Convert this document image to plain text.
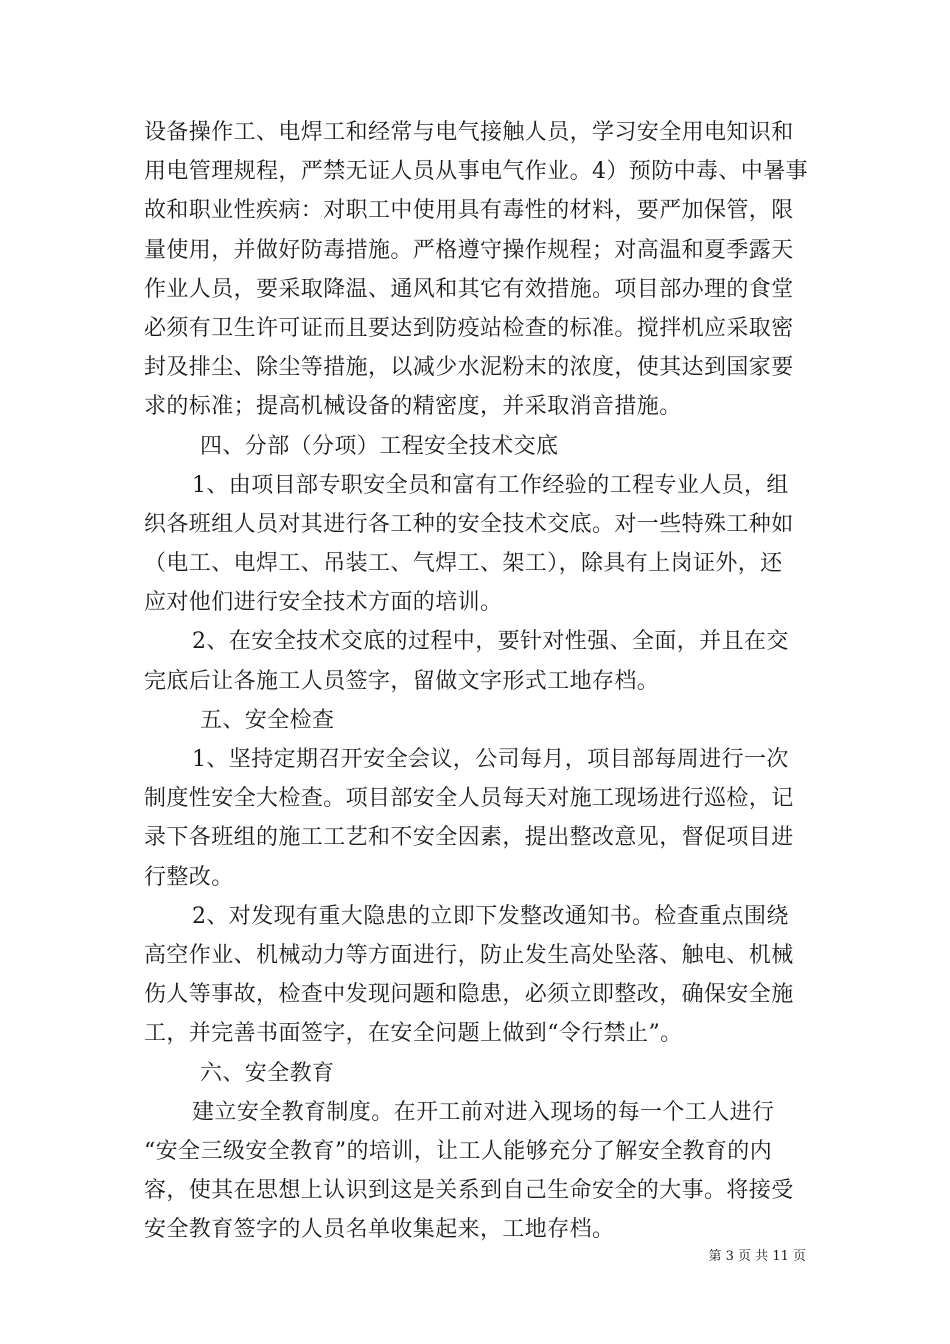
设备操作工、电焊工和经常与电气接触人员，学习安全用电知识和
用电管理规程，严禁无证人员从事电气作业。4）预防中毒、中暑事
故和职业性疾病：对职工中使用具有毒性的材料，要严加保管，限
量使用，并做好防毒措施。严格遵守操作规程；对高温和夏季露天
作业人员，要采取降温、通风和其它有效措施。项目部办理的食堂
必须有卫生许可证而且要达到防疫站检查的标准。搅拌机应采取密
封及排尘、除尘等措施，以减少水泥粉末的浓度，使其达到国家要
求的标准；提高机械设备的精密度，并采取消音措施。
四、分部（分项）工程安全技术交底
1、由项目部专职安全员和富有工作经验的工程专业人员，组
织各班组人员对其进行各工种的安全技术交底。对一些特殊工种如
（电工、电焊工、吊装工、气焊工、架工），除具有上岗证外，还
应对他们进行安全技术方面的培训。
2、在安全技术交底的过程中，要针对性强、全面，并且在交
完底后让各施工人员签字，留做文字形式工地存档。
五、安全检查
1、坚持定期召开安全会议，公司每月，项目部每周进行一次
制度性安全大检查。项目部安全人员每天对施工现场进行巡检，记
录下各班组的施工工艺和不安全因素，提出整改意见，督促项目进
行整改。
2、对发现有重大隐患的立即下发整改通知书。检查重点围绕
高空作业、机械动力等方面进行，防止发生高处坠落、触电、机械
伤人等事故，检查中发现问题和隐患，必须立即整改，确保安全施
工，并完善书面签字，在安全问题上做到“令行禁止”。
六、安全教育
建立安全教育制度。在开工前对进入现场的每一个工人进行
“安全三级安全教育”的培训，让工人能够充分了解安全教育的内
容，使其在思想上认识到这是关系到自己生命安全的大事。将接受
安全教育签字的人员名单收集起来，工地存档。
第 3 页 共 11 页
